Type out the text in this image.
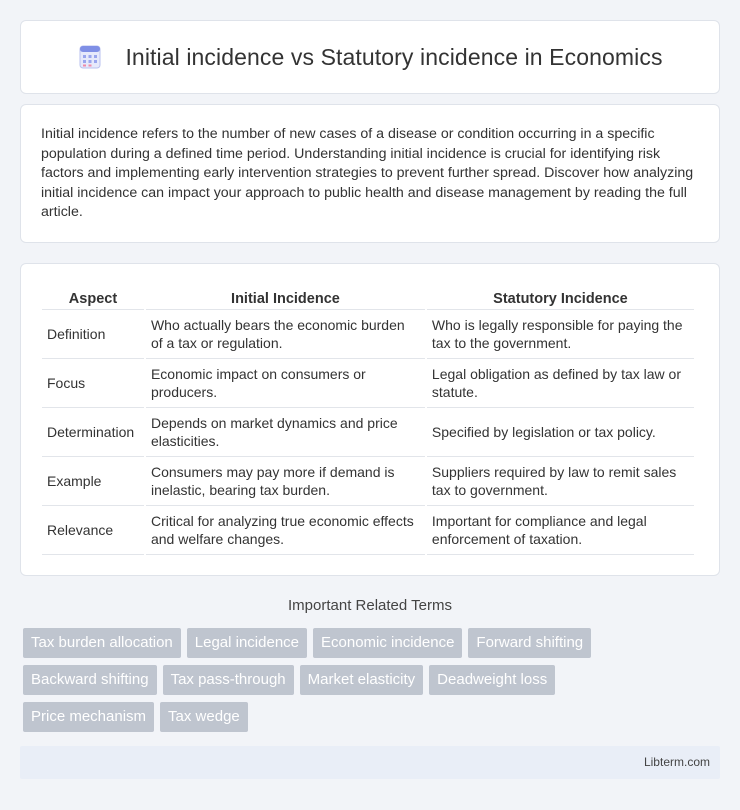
Initial incidence vs Statutory incidence in Economics

Initial incidence refers to the number of new cases of a disease or condition occurring in a specific population during a defined time period. Understanding initial incidence is crucial for identifying risk factors and implementing early intervention strategies to prevent further spread. Discover how analyzing initial incidence can impact your approach to public health and disease management by reading the full article.

Aspect	Initial Incidence	Statutory Incidence
Definition	Who actually bears the economic burden of a tax or regulation.	Who is legally responsible for paying the tax to the government.
Focus	Economic impact on consumers or producers.	Legal obligation as defined by tax law or statute.
Determination	Depends on market dynamics and price elasticities.	Specified by legislation or tax policy.
Example	Consumers may pay more if demand is inelastic, bearing tax burden.	Suppliers required by law to remit sales tax to government.
Relevance	Critical for analyzing true economic effects and welfare changes.	Important for compliance and legal enforcement of taxation.
Important Related Terms
Tax burden allocation	Legal incidence	Economic incidence	Forward shifting
Backward shifting	Tax pass-through	Market elasticity	Deadweight loss
Price mechanism	Tax wedge
Libterm.com
